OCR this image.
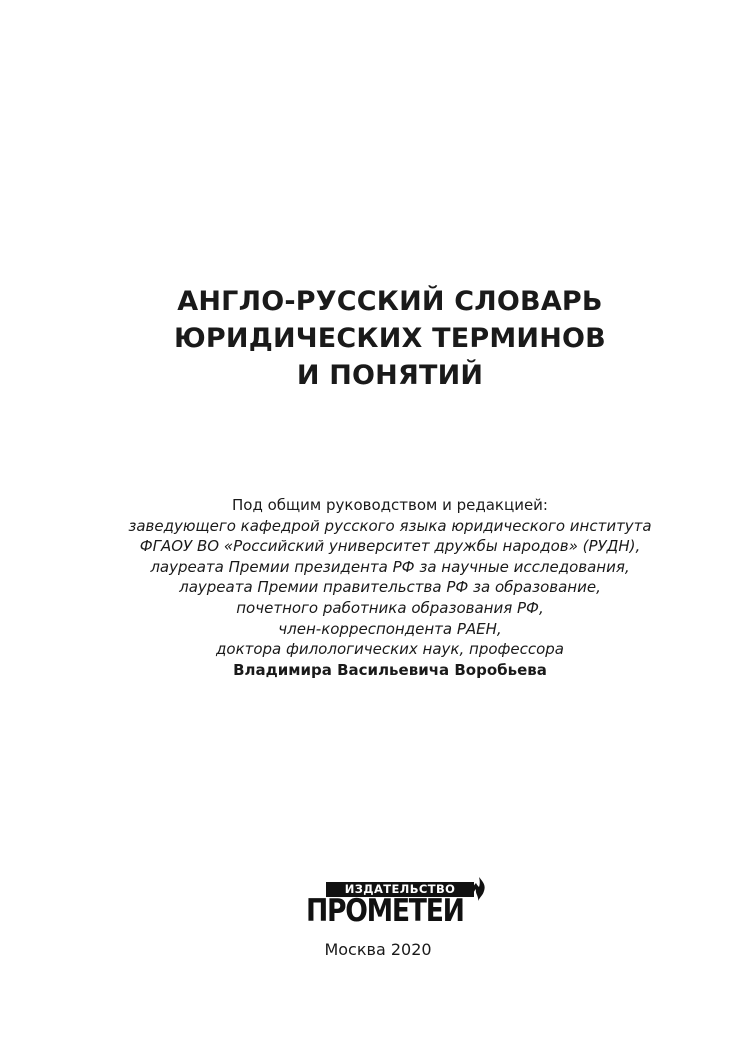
АНГЛО-РУССКИЙ СЛОВАРЬ
ЮРИДИЧЕСКИХ ТЕРМИНОВ
И ПОНЯТИЙ
Под общим руководством и редакцией:
заведующего кафедрой русского языка юридического института
ФГАОУ ВО «Российский университет дружбы народов» (РУДН),
лауреата Премии президента РФ за научные исследования,
лауреата Премии правительства РФ за образование,
почетного работника образования РФ,
член-корреспондента РАЕН,
доктора филологических наук, профессора
Владимира Васильевича Воробьева
ИЗДАТЕЛЬСТВО
ПРОМЕТЕЙ
Москва 2020
